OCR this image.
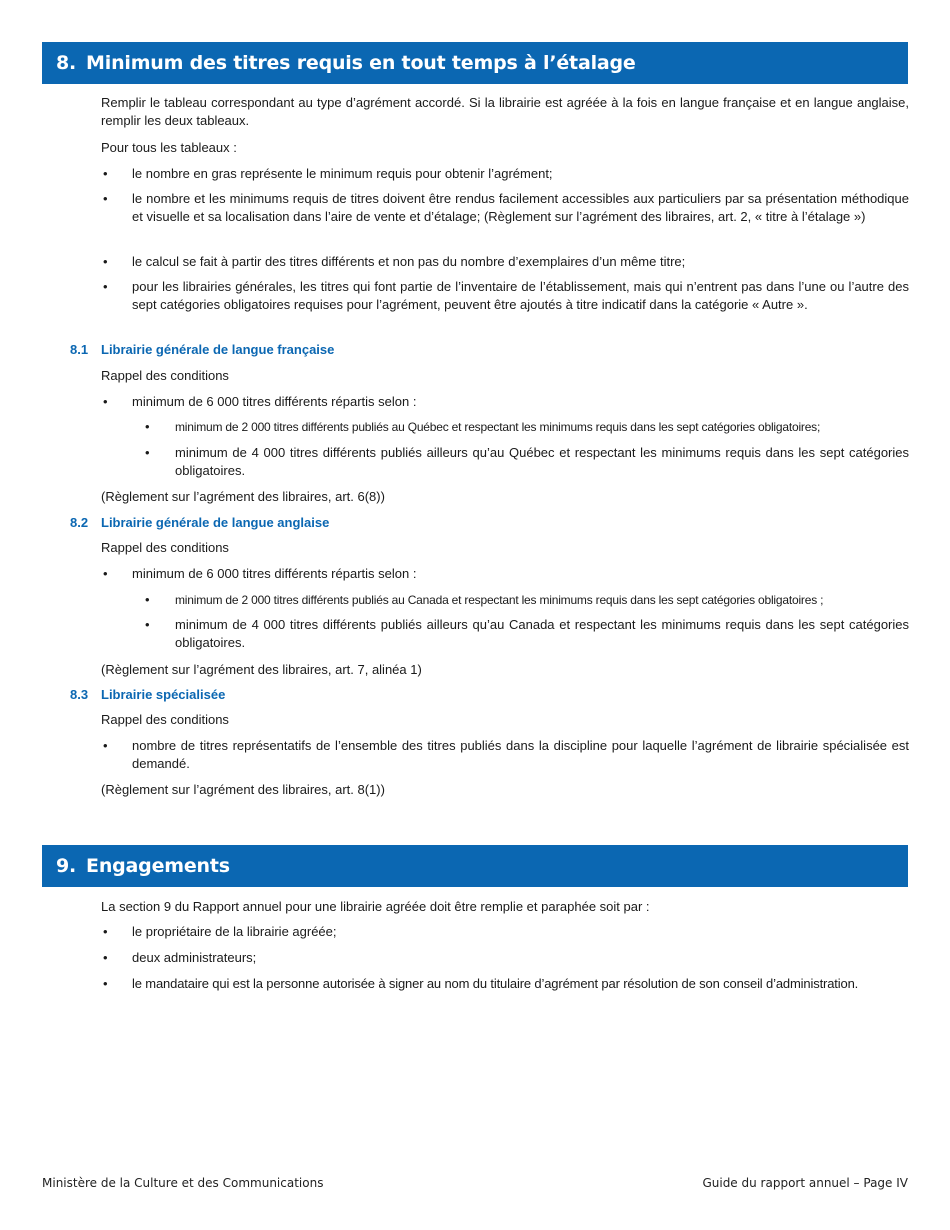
8. Minimum des titres requis en tout temps à l’étalage
Remplir le tableau correspondant au type d’agrément accordé. Si la librairie est agréée à la fois en langue française et en langue anglaise, remplir les deux tableaux.
Pour tous les tableaux :
•	le nombre en gras représente le minimum requis pour obtenir l’agrément;
•	le nombre et les minimums requis de titres doivent être rendus facilement accessibles aux particuliers par sa présentation méthodique et visuelle et sa localisation dans l’aire de vente et d’étalage; (Règlement sur l’agrément des libraires, art. 2, « titre à l’étalage »)
•	le calcul se fait à partir des titres différents et non pas du nombre d’exemplaires d’un même titre;
•	pour les librairies générales, les titres qui font partie de l’inventaire de l’établissement, mais qui n’entrent pas dans l’une ou l’autre des sept catégories obligatoires requises pour l’agrément, peuvent être ajoutés à titre indicatif dans la catégorie « Autre ».
8.1 Librairie générale de langue française
Rappel des conditions
•	minimum de 6 000 titres différents répartis selon :
•	minimum de 2 000 titres différents publiés au Québec et respectant les minimums requis dans les sept catégories obligatoires;
•	minimum de 4 000 titres différents publiés ailleurs qu’au Québec et respectant les minimums requis dans les sept catégories obligatoires.
(Règlement sur l’agrément des libraires, art. 6(8))
8.2 Librairie générale de langue anglaise
Rappel des conditions
•	minimum de 6 000 titres différents répartis selon :
•	minimum de 2 000 titres différents publiés au Canada et respectant les minimums requis dans les sept catégories obligatoires ;
•	minimum de 4 000 titres différents publiés ailleurs qu’au Canada et respectant les minimums requis dans les sept catégories obligatoires.
(Règlement sur l’agrément des libraires, art. 7, alinéa 1)
8.3 Librairie spécialisée
Rappel des conditions
•	nombre de titres représentatifs de l’ensemble des titres publiés dans la discipline pour laquelle l’agrément de librairie spécialisée est demandé.
(Règlement sur l’agrément des libraires, art. 8(1))
9. Engagements
La section 9 du Rapport annuel pour une librairie agréée doit être remplie et paraphée soit par :
•	le propriétaire de la librairie agréée;
•	deux administrateurs;
•	le mandataire qui est la personne autorisée à signer au nom du titulaire d’agrément par résolution de son conseil d’administration.
Ministère de la Culture et des Communications	Guide du rapport annuel – Page IV
